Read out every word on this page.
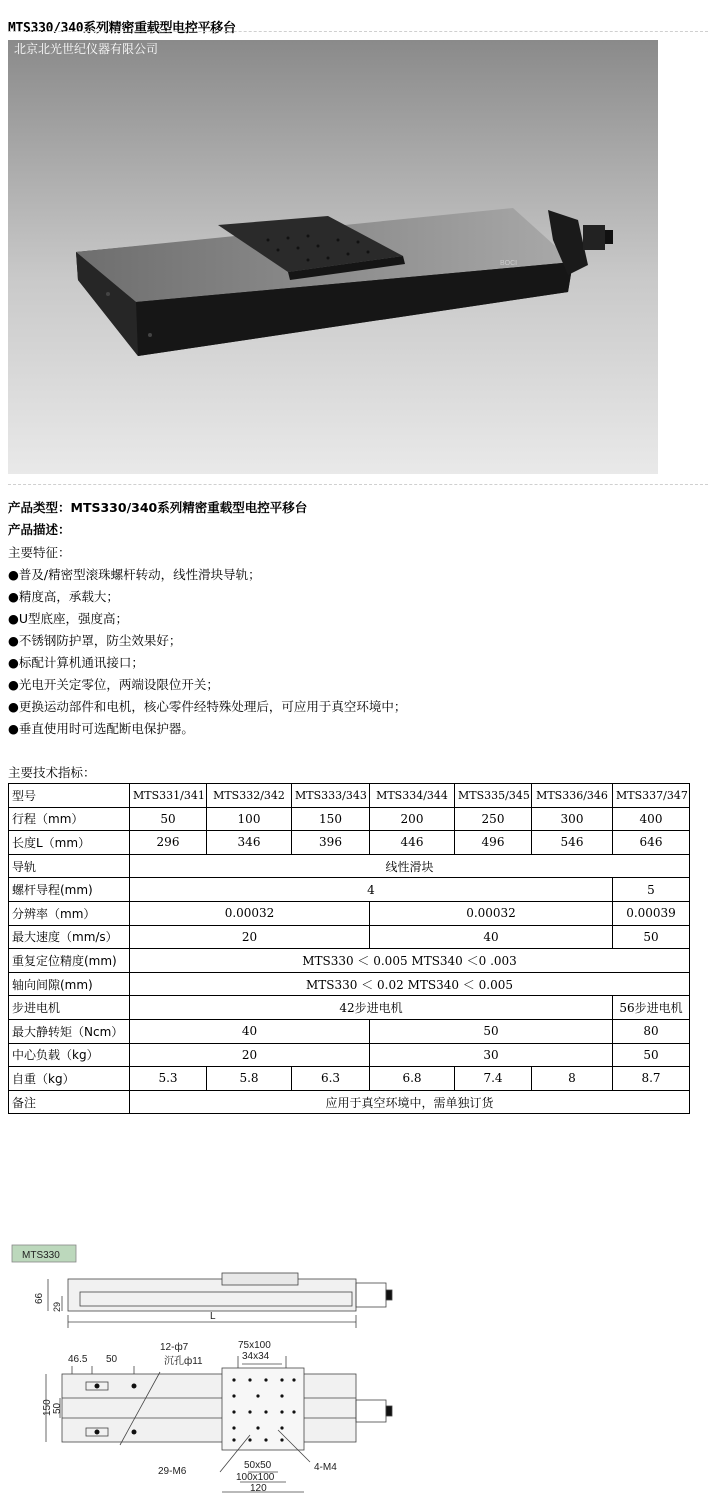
MTS330/340系列精密重载型电控平移台
BOCI
北京北光世纪仪器有限公司
产品类型：MTS330/340系列精密重载型电控平移台
产品描述：
主要特征：
●普及/精密型滚珠螺杆转动，线性滑块导轨；
●精度高，承载大；
●U型底座，强度高；
●不锈钢防护罩，防尘效果好；
●标配计算机通讯接口；
●光电开关定零位，两端设限位开关；
●更换运动部件和电机，核心零件经特殊处理后，可应用于真空环境中；
●垂直使用时可选配断电保护器。
主要技术指标：
型号	MTS331/341	MTS332/342	MTS333/343	MTS334/344	MTS335/345	MTS336/346	MTS337/347
行程（mm）	50	100	150	200	250	300	400
长度L（mm）	296	346	396	446	496	546	646
导轨	线性滑块						
螺杆导程(mm)	4						5
分辨率（mm）	0.00032			0.00032			0.00039
最大速度（mm/s）	20			40			50
重复定位精度(mm)	MTS330 ＜ 0.005 MTS340 ＜0 .003						
轴向间隙(mm)	MTS330 ＜ 0.02 MTS340 ＜ 0.005						
步进电机	42步进电机						56步进电机
最大静转矩（Ncm）	40			50			80
中心负载（kg）	20			30			50
自重（kg）	5.3	5.8	6.3	6.8	7.4	8	8.7
备注	应用于真空环境中，需单独订货						
MTS330
66
29
L
46.5 50
12-ф7
沉孔ф11
75x100
34x34
150 50
29-M6	4-M4
50x50
100x100
120
